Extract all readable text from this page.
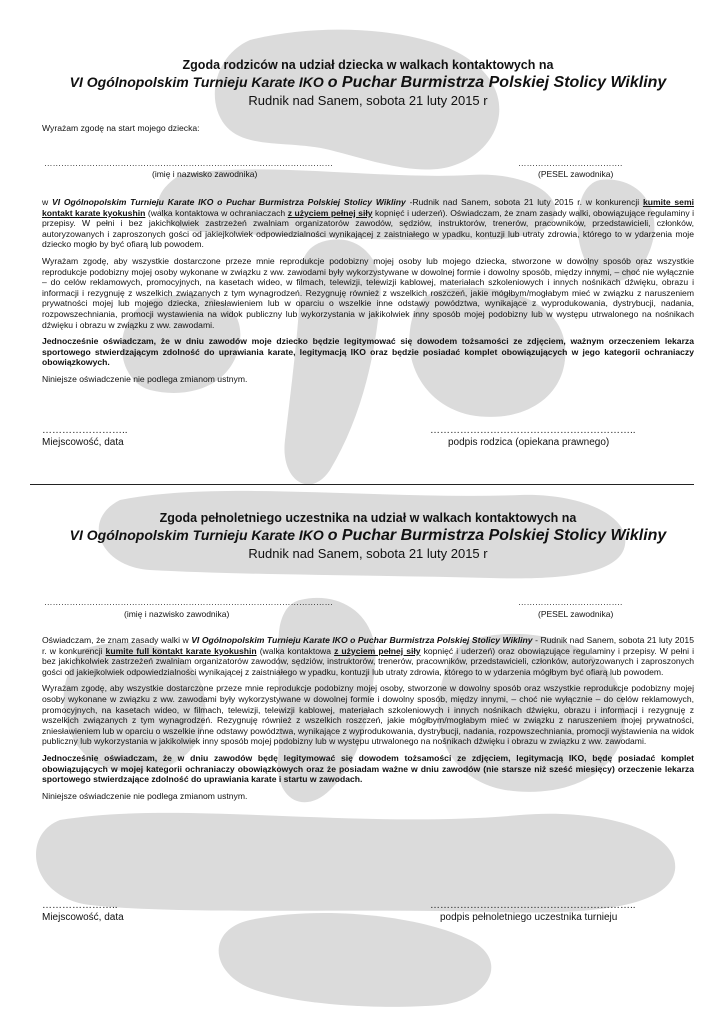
Zgoda rodziców na udział dziecka w walkach kontaktowych na
VI Ogólnopolskim Turnieju Karate IKO o Puchar Burmistrza Polskiej Stolicy Wikliny
Rudnik nad Sanem, sobota 21 luty 2015 r
Wyrażam zgodę na start mojego dziecka:
…………………………………………………………………………………………	……………………………….
(imię i nazwisko zawodnika)	(PESEL zawodnika)

w VI Ogólnopolskim Turnieju Karate IKO o Puchar Burmistrza Polskiej Stolicy Wikliny -Rudnik nad Sanem, sobota 21 luty 2015 r. w konkurencji kumite semi kontakt karate kyokushin (walka kontaktowa w ochraniaczach z użyciem pełnej siły kopnięć i uderzeń). Oświadczam, że znam zasady walki, obowiązujące regulaminy i przepisy. W pełni i bez jakichkolwiek zastrzeżeń zwalniam organizatorów zawodów, sędziów, instruktorów, trenerów, pracowników, przedstawicieli, członków, autoryzowanych i zaproszonych gości od jakiejkolwiek odpowiedzialności wynikającej z zaistniałego w ypadku, kontuzji lub utraty zdrowia, którego to w ydarzenia moje dziecko mogło by być ofiarą lub powodem.

Wyrażam zgodę, aby wszystkie dostarczone przeze mnie reprodukcje podobizny mojej osoby lub mojego dziecka, stworzone w dowolny sposób oraz wszystkie reprodukcje podobizny mojej osoby wykonane w związku z ww. zawodami były wykorzystywane w dowolnej formie i dowolny sposób, między innymi, – choć nie wyłącznie – do celów reklamowych, promocyjnych, na kasetach wideo, w filmach, telewizji, telewizji kablowej, materiałach szkoleniowych i innych nośnikach dźwięku, obrazu i informacji i rezygnuję z wszelkich związanych z tym wynagrodzeń. Rezygnuję również z wszelkich roszczeń, jakie mógłbym/mogłabym mieć w związku z naruszeniem prywatności mojej lub mojego dziecka, zniesławieniem lub w oparciu o wszelkie inne odstawy powództwa, wynikające z wyprodukowania, dystrybucji, nadania, rozpowszechniania, promocji wystawienia na widok publiczny lub wykorzystania w jakikolwiek inny sposób mojej podobizny lub w występu utrwalonego na nośnikach dźwięku i obrazu w związku z ww. zawodami.

Jednocześnie oświadczam, że w dniu zawodów moje dziecko będzie legitymować się dowodem tożsamości ze zdjęciem, ważnym orzeczeniem lekarza sportowego stwierdzającym zdolność do uprawiania karate, legitymacją IKO oraz będzie posiadać komplet obowiązujących w jego kategorii ochraniaczy obowiązkowych.

Niniejsze oświadczenie nie podlega zmianom ustnym.

……………………..	……………………………………………………..
Miejscowość, data	podpis rodzica (opiekana prawnego)
Zgoda pełnoletniego uczestnika na udział w walkach kontaktowych na
VI Ogólnopolskim Turnieju Karate IKO o Puchar Burmistrza Polskiej Stolicy Wikliny
Rudnik nad Sanem, sobota 21 luty 2015 r
…………………………………………………………………………………………	……………………………….
(imię i nazwisko zawodnika)	(PESEL zawodnika)

Oświadczam, że znam zasady walki w VI Ogólnopolskim Turnieju Karate IKO o Puchar Burmistrza Polskiej Stolicy Wikliny - Rudnik nad Sanem, sobota 21 luty 2015 r. w konkurencji kumite full kontakt karate kyokushin (walka kontaktowa z użyciem pełnej siły kopnięć i uderzeń) oraz obowiązujące regulaminy i przepisy. W pełni i bez jakichkolwiek zastrzeżeń zwalniam organizatorów zawodów, sędziów, instruktorów, trenerów, pracowników, przedstawicieli, członków, autoryzowanych i zaproszonych gości od jakiejkolwiek odpowiedzialności wynikającej z zaistniałego w ypadku, kontuzji lub utraty zdrowia, którego to w ydarzenia mógłbym być ofiarą lub powodem.

Wyrażam zgodę, aby wszystkie dostarczone przeze mnie reprodukcje podobizny mojej osoby, stworzone w dowolny sposób oraz wszystkie reprodukcje podobizny mojej osoby wykonane w związku z ww. zawodami były wykorzystywane w dowolnej formie i dowolny sposób, między innymi, – choć nie wyłącznie – do celów reklamowych, promocyjnych, na kasetach wideo, w filmach, telewizji, telewizji kablowej, materiałach szkoleniowych i innych nośnikach dźwięku, obrazu i informacji i rezygnuję z wszelkich związanych z tym wynagrodzeń. Rezygnuję również z wszelkich roszczeń, jakie mógłbym/mogłabym mieć w związku z naruszeniem mojej prywatności, zniesławieniem lub w oparciu o wszelkie inne odstawy powództwa, wynikające z wyprodukowania, dystrybucji, nadania, rozpowszechniania, promocji wystawienia na widok publiczny lub wykorzystania w jakikolwiek inny sposób mojej podobizny lub w występu utrwalonego na nośnikach dźwięku i obrazu w związku z ww. zawodami.

Jednocześnie oświadczam, że w dniu zawodów będę legitymować się dowodem tożsamości ze zdjęciem, legitymacją IKO, będę posiadać komplet obowiązujących w mojej kategorii ochraniaczy obowiązkowych oraz że posiadam ważne w dniu zawodów (nie starsze niż sześć miesięcy) orzeczenie lekarza sportowego stwierdzające zdolność do uprawiania karate i startu w zawodach.

Niniejsze oświadczenie nie podlega zmianom ustnym.

…………………..	……………………………………………………..
Miejscowość, data	podpis pełnoletniego uczestnika turnieju
